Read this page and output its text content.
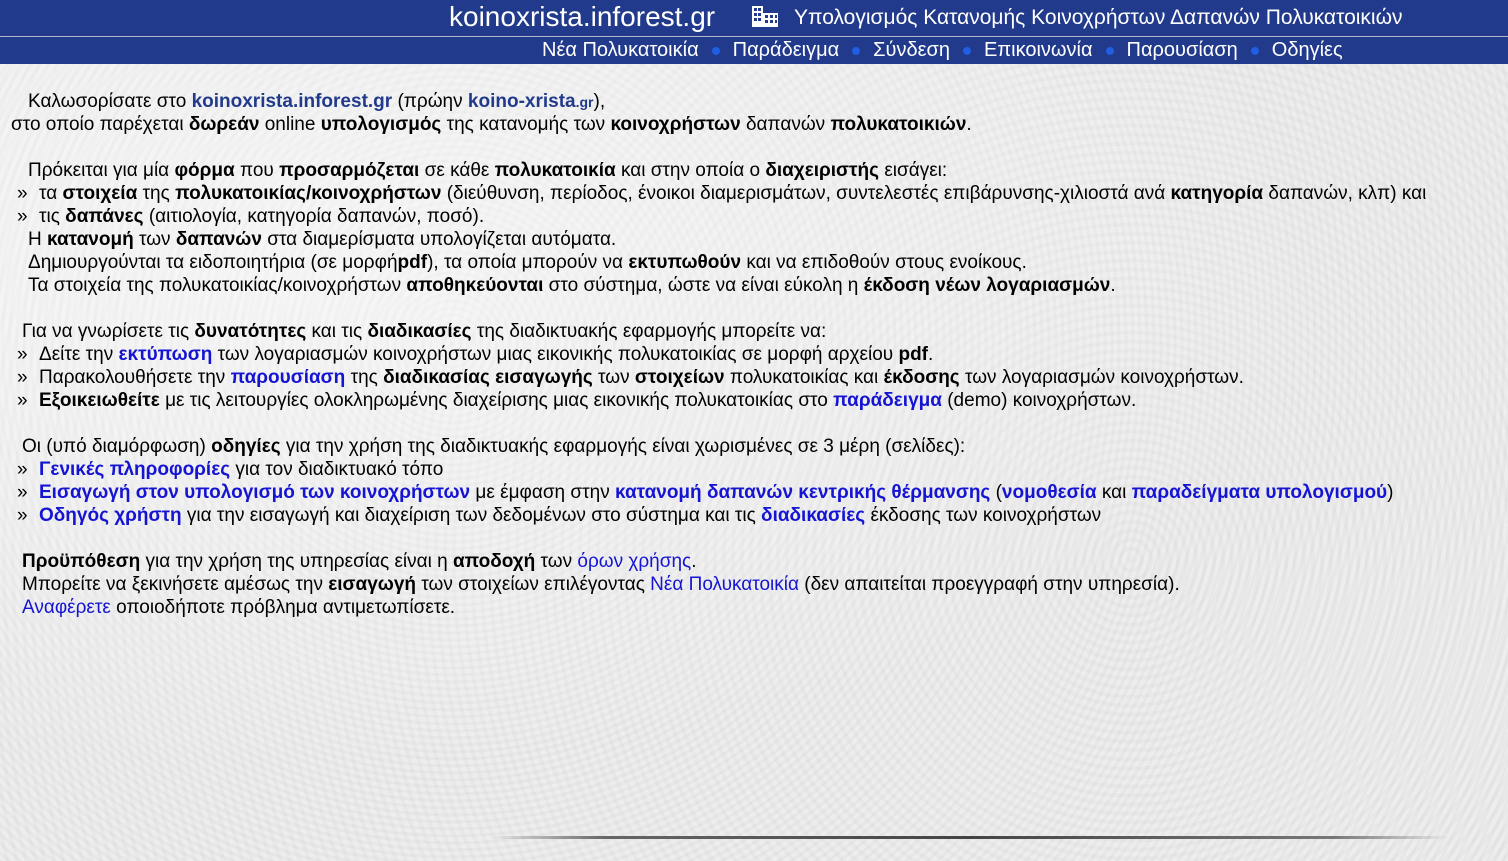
koinoxrista.inforest.gr	Υπολογισμός Κατανομής Κοινοχρήστων Δαπανών Πολυκατοικιών
Νέα Πολυκατοικία Παράδειγμα Σύνδεση Επικοινωνία Παρουσίαση Οδηγίες
Καλωσορίσατε στο koinoxrista.inforest.gr (πρώην koino-xrista.gr),
στο οποίο παρέχεται δωρεάν online υπολογισμός της κατανομής των κοινοχρήστων δαπανών πολυκατοικιών.
Πρόκειται για μία φόρμα που προσαρμόζεται σε κάθε πολυκατοικία και στην οποία ο διαχειριστής εισάγει:
» τα στοιχεία της πολυκατοικίας/κοινοχρήστων (διεύθυνση, περίοδος, ένοικοι διαμερισμάτων, συντελεστές επιβάρυνσης-χιλιοστά ανά κατηγορία δαπανών, κλπ) και
» τις δαπάνες (αιτιολογία, κατηγορία δαπανών, ποσό).
Η κατανομή των δαπανών στα διαμερίσματα υπολογίζεται αυτόματα.
Δημιουργούνται τα ειδοποιητήρια (σε μορφήpdf), τα οποία μπορούν να εκτυπωθούν και να επιδοθούν στους ενοίκους.
Τα στοιχεία της πολυκατοικίας/κοινοχρήστων αποθηκεύονται στο σύστημα, ώστε να είναι εύκολη η έκδοση νέων λογαριασμών.
Για να γνωρίσετε τις δυνατότητες και τις διαδικασίες της διαδικτυακής εφαρμογής μπορείτε να:
» Δείτε την εκτύπωση των λογαριασμών κοινοχρήστων μιας εικονικής πολυκατοικίας σε μορφή αρχείου pdf.
» Παρακολουθήσετε την παρουσίαση της διαδικασίας εισαγωγής των στοιχείων πολυκατοικίας και έκδοσης των λογαριασμών κοινοχρήστων.
» Εξοικειωθείτε με τις λειτουργίες ολοκληρωμένης διαχείρισης μιας εικονικής πολυκατοικίας στο παράδειγμα (demo) κοινοχρήστων.
Οι (υπό διαμόρφωση) οδηγίες για την χρήση της διαδικτυακής εφαρμογής είναι χωρισμένες σε 3 μέρη (σελίδες):
» Γενικές πληροφορίες για τον διαδικτυακό τόπο
» Εισαγωγή στον υπολογισμό των κοινοχρήστων με έμφαση στην κατανομή δαπανών κεντρικής θέρμανσης (νομοθεσία και παραδείγματα υπολογισμού)
» Οδηγός χρήστη για την εισαγωγή και διαχείριση των δεδομένων στο σύστημα και τις διαδικασίες έκδοσης των κοινοχρήστων
Προϋπόθεση για την χρήση της υπηρεσίας είναι η αποδοχή των όρων χρήσης.
Μπορείτε να ξεκινήσετε αμέσως την εισαγωγή των στοιχείων επιλέγοντας Νέα Πολυκατοικία (δεν απαιτείται προεγγραφή στην υπηρεσία).
Αναφέρετε οποιοδήποτε πρόβλημα αντιμετωπίσετε.
